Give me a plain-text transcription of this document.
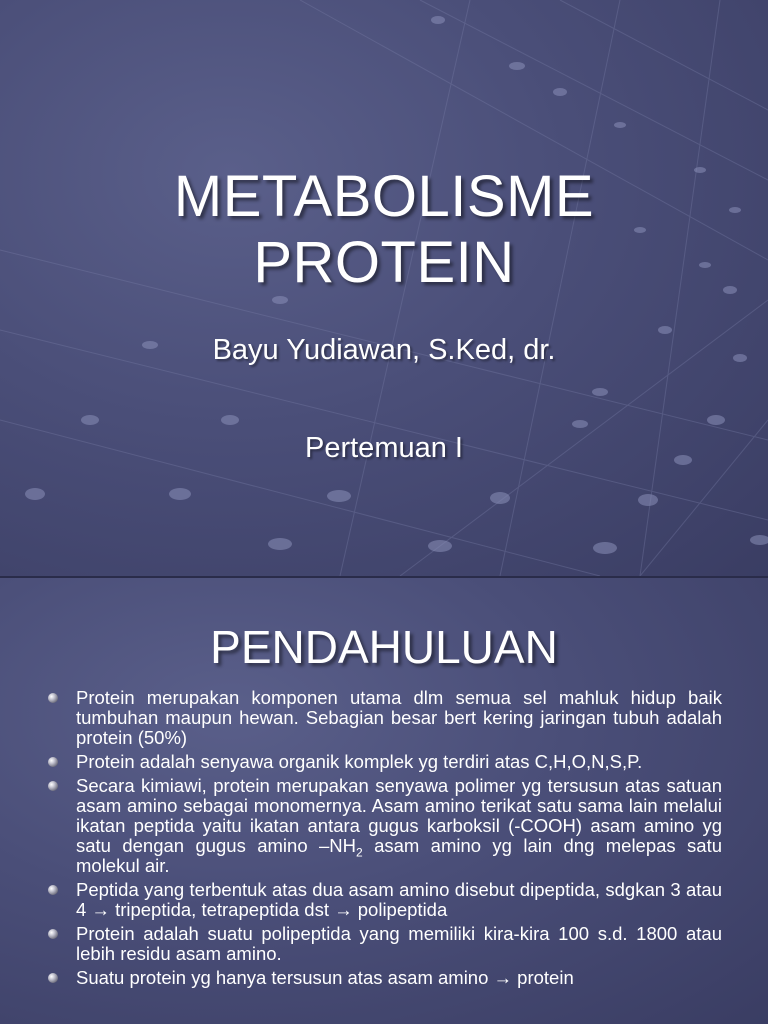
METABOLISME
PROTEIN
Bayu Yudiawan, S.Ked, dr.
Pertemuan I
PENDAHULUAN
Protein merupakan komponen utama dlm semua sel mahluk hidup baik tumbuhan maupun hewan. Sebagian besar bert kering jaringan tubuh adalah protein (50%)
Protein adalah senyawa organik komplek yg terdiri atas C,H,O,N,S,P.
Secara kimiawi, protein merupakan senyawa polimer yg tersusun atas satuan asam amino sebagai monomernya. Asam amino terikat satu sama lain melalui ikatan peptida yaitu ikatan antara gugus karboksil (-COOH) asam amino yg satu dengan gugus amino $-NH_2$ asam amino yg lain dng melepas satu molekul air.
Peptida yang terbentuk atas dua asam amino disebut dipeptida, sdgkan 3 atau 4 → tripeptida, tetrapeptida dst → polipeptida
Protein adalah suatu polipeptida yang memiliki kira-kira 100 s.d. 1800 atau lebih residu asam amino.
Suatu protein yg hanya tersusun atas asam amino → protein
